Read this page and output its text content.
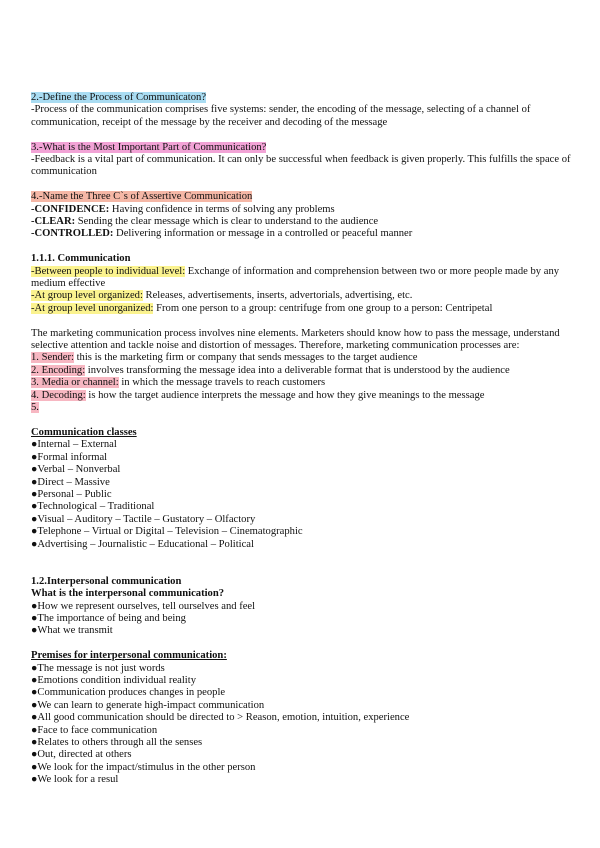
2.-Define the Process of Communicaton?
-Process of the communication comprises five systems: sender, the encoding of the message, selecting of a channel of communication, receipt of the message by the receiver and decoding of the message
3.-What is the Most Important Part of Communication?
-Feedback is a vital part of communication. It can only be successful when feedback is given properly. This fulfills the space of communication
4.-Name the Three C`s of Assertive Communication
-CONFIDENCE: Having confidence in terms of solving any problems
-CLEAR: Sending the clear message which is clear to understand to the audience
-CONTROLLED: Delivering information or message in a controlled or peaceful manner
1.1.1. Communication
-Between people to individual level: Exchange of information and comprehension between two or more people made by any medium effective
-At group level organized: Releases, advertisements, inserts, advertorials, advertising, etc.
-At group level unorganized: From one person to a group: centrifuge from one group to a person: Centripetal
The marketing communication process involves nine elements. Marketers should know how to pass the message, understand selective attention and tackle noise and distortion of messages. Therefore, marketing communication processes are:
1. Sender: this is the marketing firm or company that sends messages to the target audience
2. Encoding: involves transforming the message idea into a deliverable format that is understood by the audience
3. Media or channel: in which the message travels to reach customers
4. Decoding: is how the target audience interprets the message and how they give meanings to the message
5.
Communication classes
●Internal – External
●Formal informal
●Verbal – Nonverbal
●Direct – Massive
●Personal – Public
●Technological – Traditional
●Visual – Auditory – Tactile – Gustatory – Olfactory
●Telephone – Virtual or Digital – Television – Cinematographic
●Advertising – Journalistic – Educational – Political
1.2.Interpersonal communication
What is the interpersonal communication?
●How we represent ourselves, tell ourselves and feel
●The importance of being and being
●What we transmit
Premises for interpersonal communication:
●The message is not just words
●Emotions condition individual reality
●Communication produces changes in people
●We can learn to generate high-impact communication
●All good communication should be directed to > Reason, emotion, intuition, experience
●Face to face communication
●Relates to others through all the senses
●Out, directed at others
●We look for the impact/stimulus in the other person
●We look for a resul
